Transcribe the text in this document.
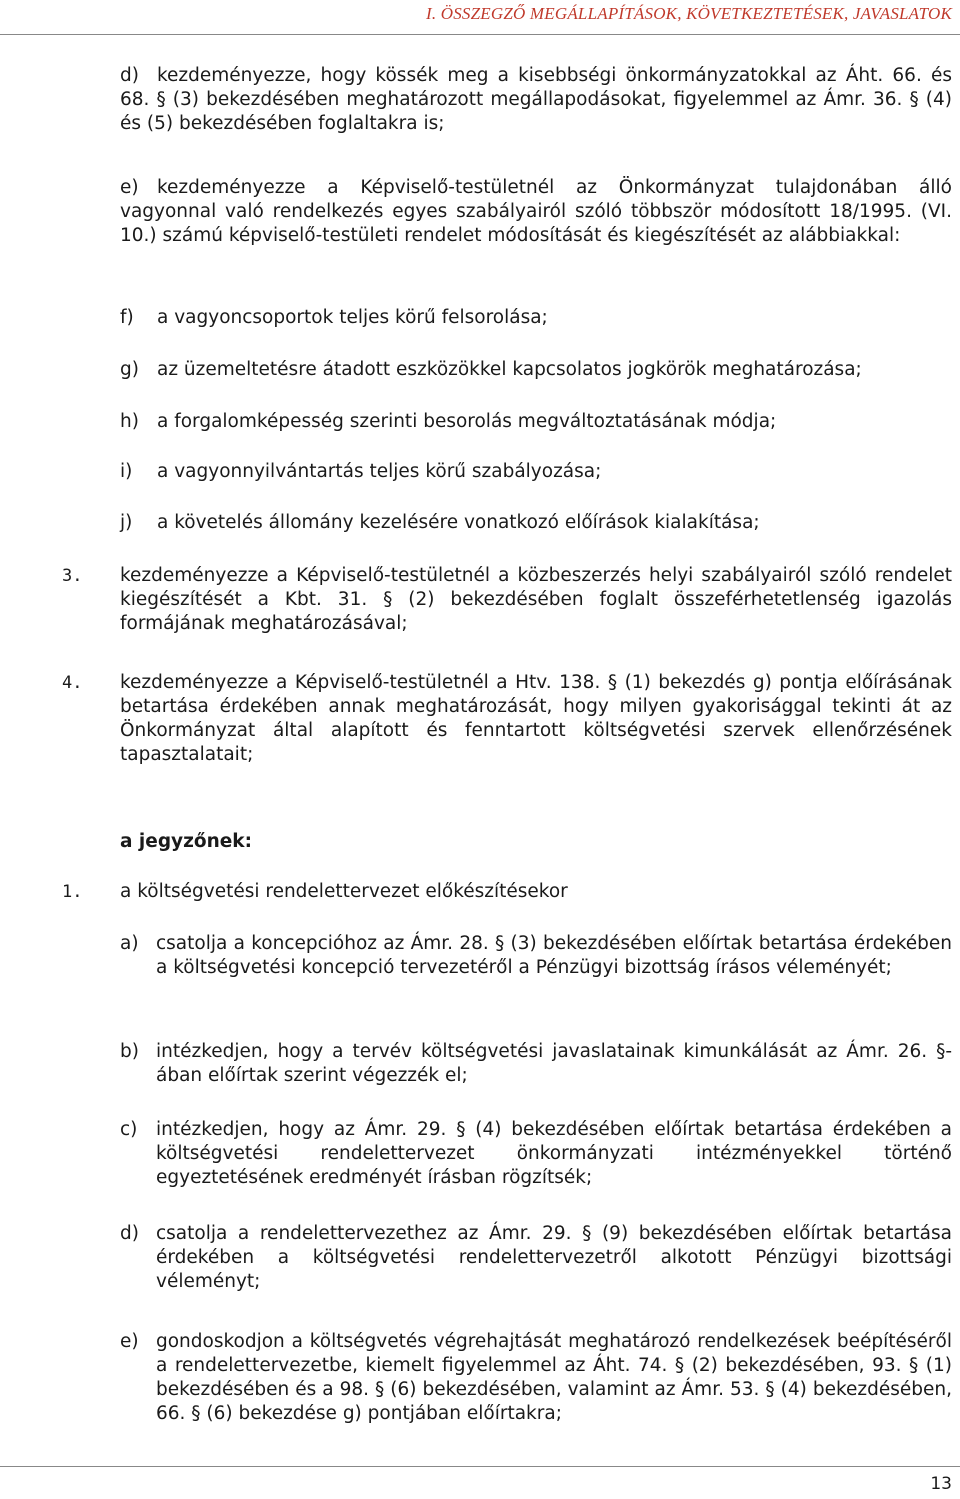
I. ÖSSZEGZŐ MEGÁLLAPÍTÁSOK, KÖVETKEZTETÉSEK, JAVASLATOK
d) kezdeményezze, hogy kössék meg a kisebbségi önkormányzatokkal az Áht. 66. és 68. § (3) bekezdésében meghatározott megállapodásokat, figyelemmel az Ámr. 36. § (4) és (5) bekezdésében foglaltakra is;
e) kezdeményezze a Képviselő-testületnél az Önkormányzat tulajdonában álló vagyonnal való rendelkezés egyes szabályairól szóló többször módosított 18/1995. (VI. 10.) számú képviselő-testületi rendelet módosítását és kiegészítését az alábbiakkal:
f) a vagyoncsoportok teljes körű felsorolása;
g) az üzemeltetésre átadott eszközökkel kapcsolatos jogkörök meghatározása;
h) a forgalomképesség szerinti besorolás megváltoztatásának módja;
i) a vagyonnyilvántartás teljes körű szabályozása;
j) a követelés állomány kezelésére vonatkozó előírások kialakítása;
3. kezdeményezze a Képviselő-testületnél a közbeszerzés helyi szabályairól szóló rendelet kiegészítését a Kbt. 31. § (2) bekezdésében foglalt összeférhetetlenség igazolás formájának meghatározásával;
4. kezdeményezze a Képviselő-testületnél a Htv. 138. § (1) bekezdés g) pontja előírásának betartása érdekében annak meghatározását, hogy milyen gyakorisággal tekinti át az Önkormányzat által alapított és fenntartott költségvetési szervek ellenőrzésének tapasztalatait;
a jegyzőnek:
1. a költségvetési rendelettervezet előkészítésekor
a) csatolja a koncepcióhoz az Ámr. 28. § (3) bekezdésében előírtak betartása érdekében a költségvetési koncepció tervezetéről a Pénzügyi bizottság írásos véleményét;
b) intézkedjen, hogy a tervév költségvetési javaslatainak kimunkálását az Ámr. 26. §-ában előírtak szerint végezzék el;
c) intézkedjen, hogy az Ámr. 29. § (4) bekezdésében előírtak betartása érdekében a költségvetési rendelettervezet önkormányzati intézményekkel történő egyeztetésének eredményét írásban rögzítsék;
d) csatolja a rendelettervezethez az Ámr. 29. § (9) bekezdésében előírtak betartása érdekében a költségvetési rendelettervezetről alkotott Pénzügyi bizottsági véleményt;
e) gondoskodjon a költségvetés végrehajtását meghatározó rendelkezések beépítéséről a rendelettervezetbe, kiemelt figyelemmel az Áht. 74. § (2) bekezdésében, 93. § (1) bekezdésében és a 98. § (6) bekezdésében, valamint az Ámr. 53. § (4) bekezdésében, 66. § (6) bekezdése g) pontjában előírtakra;
13
